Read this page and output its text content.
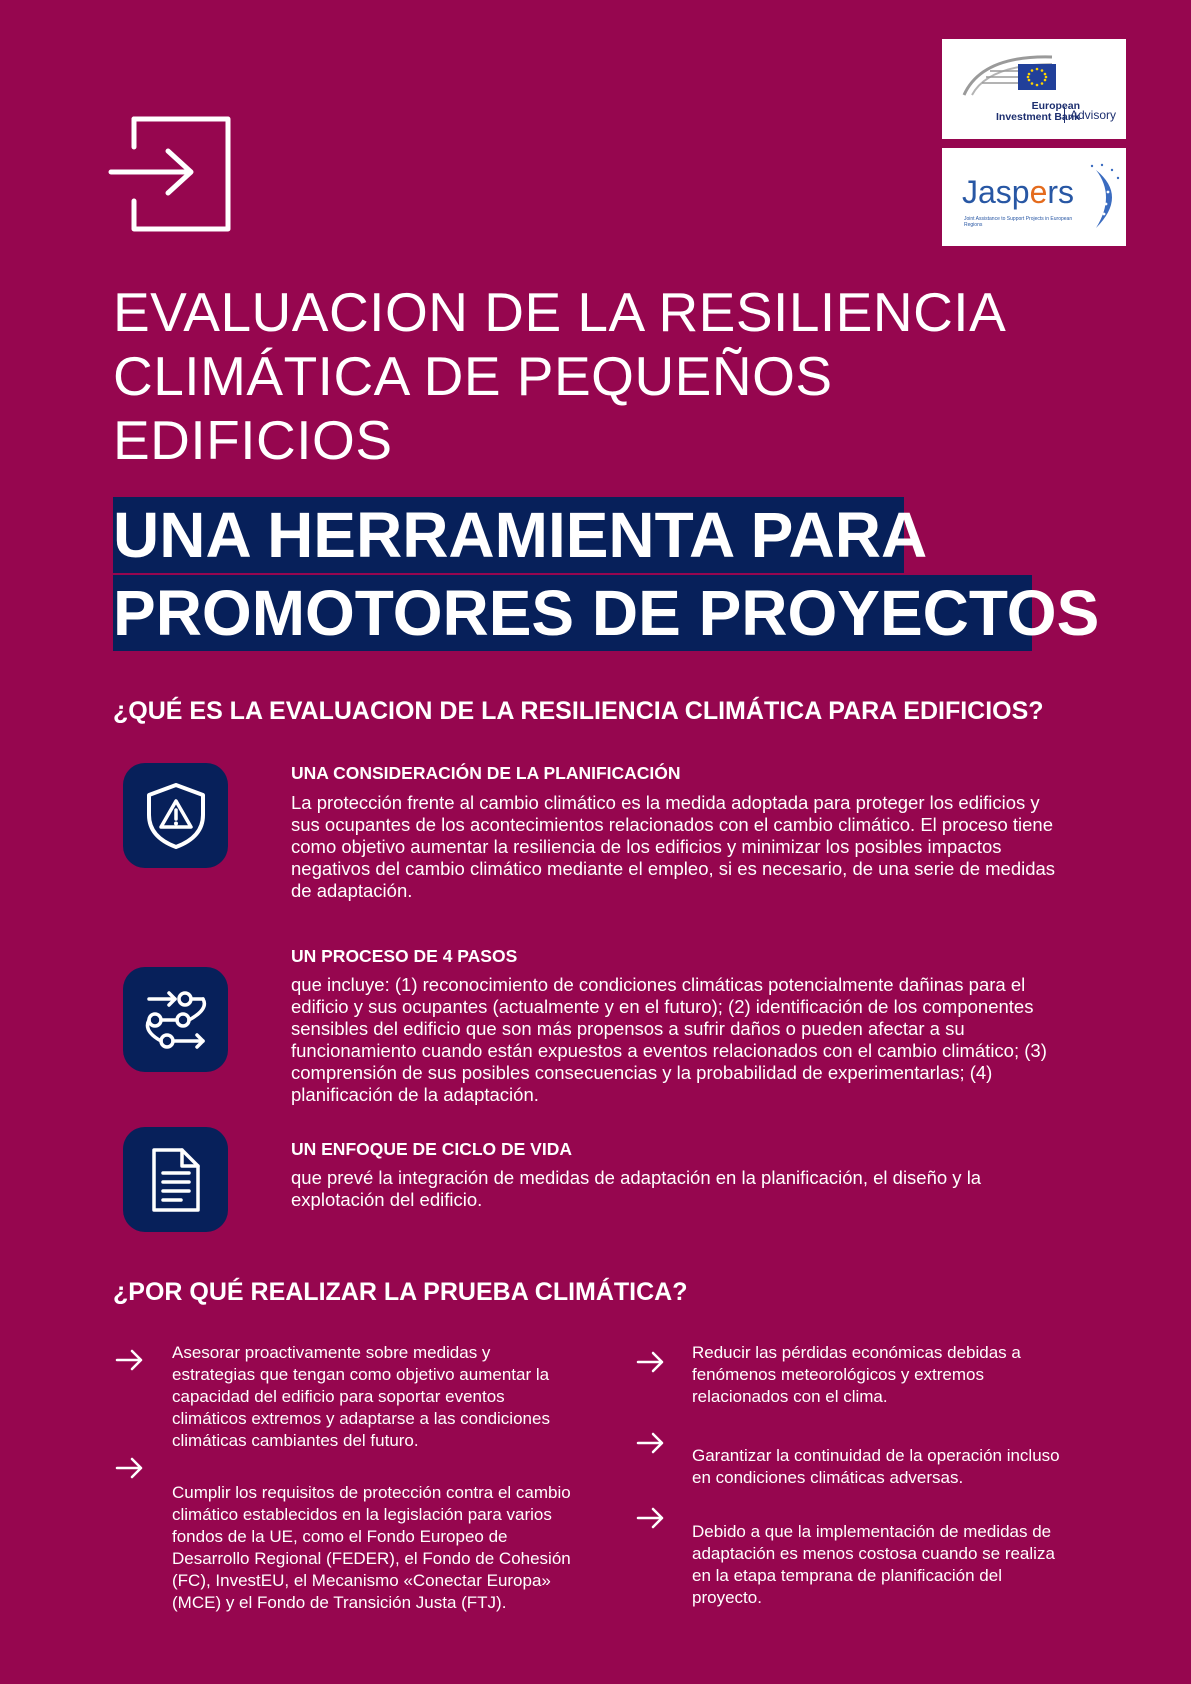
European
Investment Bank
Advisory
Jaspers
Joint Assistance to Support Projects in European Regions
EVALUACION DE LA RESILIENCIA
CLIMÁTICA DE PEQUEÑOS
EDIFICIOS
UNA HERRAMIENTA PARA
PROMOTORES DE PROYECTOS
¿QUÉ ES LA EVALUACION DE LA RESILIENCIA CLIMÁTICA PARA EDIFICIOS?
UNA CONSIDERACIÓN DE LA PLANIFICACIÓN
La protección frente al cambio climático es la medida adoptada para proteger los edificios y sus ocupantes de los acontecimientos relacionados con el cambio climático. El proceso tiene como objetivo aumentar la resiliencia de los edificios y minimizar los posibles impactos negativos del cambio climático mediante el empleo, si es necesario, de una serie de medidas de adaptación.
UN PROCESO DE 4 PASOS
que incluye: (1) reconocimiento de condiciones climáticas potencialmente dañinas para el edificio y sus ocupantes (actualmente y en el futuro); (2) identificación de los componentes sensibles del edificio que son más propensos a sufrir daños o pueden afectar a su funcionamiento cuando están expuestos a eventos relacionados con el cambio climático; (3) comprensión de sus posibles consecuencias y la probabilidad de experimentarlas; (4) planificación de la adaptación.
UN ENFOQUE DE CICLO DE VIDA
que prevé la integración de medidas de adaptación en la planificación, el diseño y la explotación del edificio.
¿POR QUÉ REALIZAR LA PRUEBA CLIMÁTICA?
Asesorar proactivamente sobre medidas y estrategias que tengan como objetivo aumentar la capacidad del edificio para soportar eventos climáticos extremos y adaptarse a las condiciones climáticas cambiantes del futuro.
Cumplir los requisitos de protección contra el cambio climático establecidos en la legislación para varios fondos de la UE, como el Fondo Europeo de Desarrollo Regional (FEDER), el Fondo de Cohesión (FC), InvestEU, el Mecanismo «Conectar Europa» (MCE) y el Fondo de Transición Justa (FTJ).
Reducir las pérdidas económicas debidas a fenómenos meteorológicos y extremos relacionados con el clima.
Garantizar la continuidad de la operación incluso en condiciones climáticas adversas.
Debido a que la implementación de medidas de adaptación es menos costosa cuando se realiza en la etapa temprana de planificación del proyecto.
